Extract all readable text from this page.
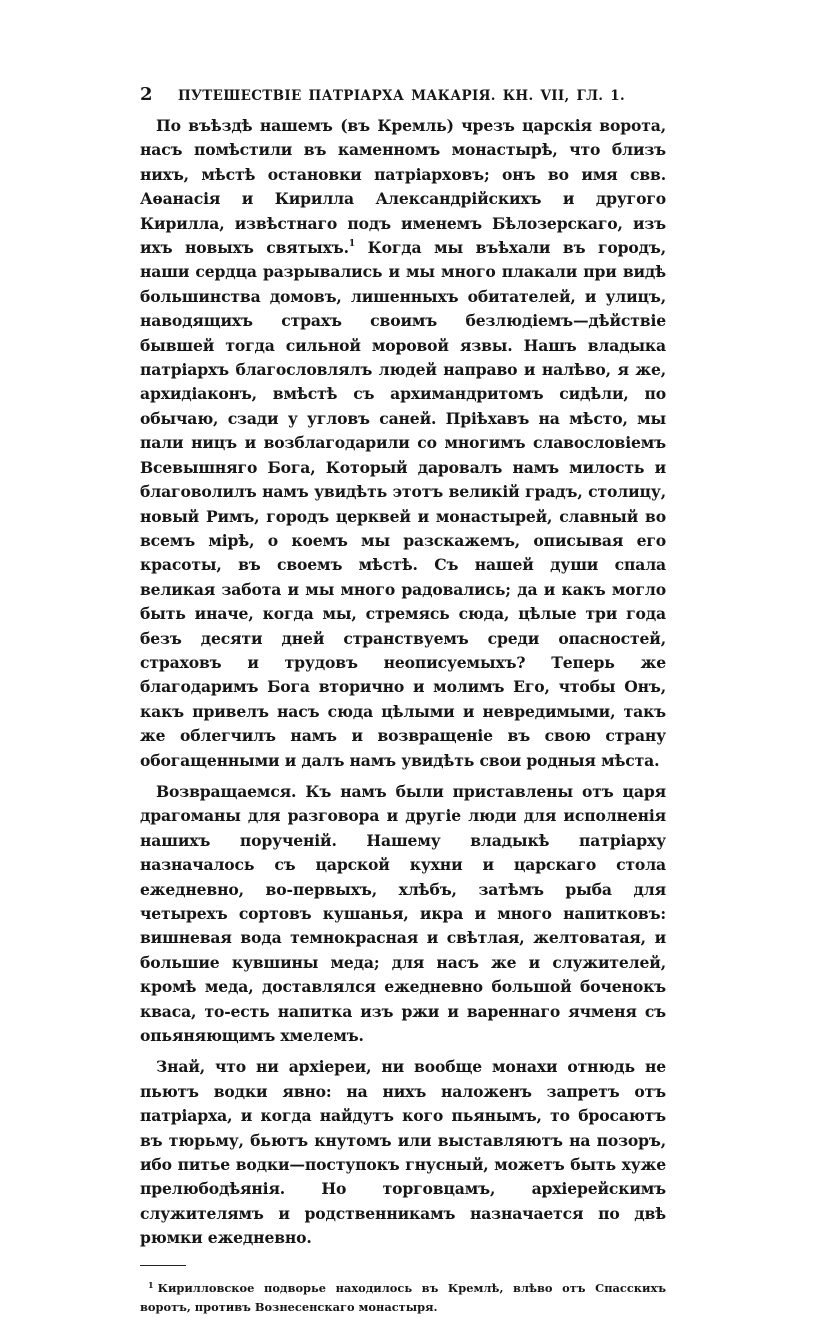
2	ПУТЕШЕСТВІЕ ПАТРІАРХА МАКАРІЯ. КН. VII, ГЛ. 1.

По въѣздѣ нашемъ (въ Кремль) чрезъ царскія ворота, насъ помѣстили въ каменномъ монастырѣ, что близъ нихъ, мѣстѣ остановки патріарховъ; онъ во имя свв. Аѳанасія и Кирилла Александрійскихъ и другого Кирилла, извѣстнаго подъ именемъ Бѣлозерскаго, изъ ихъ новыхъ святыхъ.$^1$ Когда мы въѣхали въ городъ, наши сердца разрывались и мы много плакали при видѣ большинства домовъ, лишенныхъ обитателей, и улицъ, наводящихъ страхъ своимъ безлюдіемъ—дѣйствіе бывшей тогда сильной моровой язвы. Нашъ владыка патріархъ благословлялъ людей направо и налѣво, я же, архидіаконъ, вмѣстѣ съ архимандритомъ сидѣли, по обычаю, сзади у угловъ саней. Пріѣхавъ на мѣсто, мы пали ницъ и возблагодарили со многимъ славословіемъ Всевышняго Бога, Который даровалъ намъ милость и благоволилъ намъ увидѣть этотъ великій градъ, столицу, новый Римъ, городъ церквей и монастырей, славный во всемъ мірѣ, о коемъ мы разскажемъ, описывая его красоты, въ своемъ мѣстѣ. Съ нашей души спала великая забота и мы много радовались; да и какъ могло быть иначе, когда мы, стремясь сюда, цѣлые три года безъ десяти дней странствуемъ среди опасностей, страховъ и трудовъ неописуемыхъ? Теперь же благодаримъ Бога вторично и молимъ Его, чтобы Онъ, какъ привелъ насъ сюда цѣлыми и невредимыми, такъ же облегчилъ намъ и возвращеніе въ свою страну обогащенными и далъ намъ увидѣть свои родныя мѣста.

Возвращаемся. Къ намъ были приставлены отъ царя драгоманы для разговора и другіе люди для исполненія нашихъ порученій. Нашему владыкѣ патріарху назначалось съ царской кухни и царскаго стола ежедневно, во-первыхъ, хлѣбъ, затѣмъ рыба для четырехъ сортовъ кушанья, икра и много напитковъ: вишневая вода темнокрасная и свѣтлая, желтоватая, и большие кувшины меда; для насъ же и служителей, кромѣ меда, доставлялся ежедневно большой боченокъ кваса, то-есть напитка изъ ржи и вареннаго ячменя съ опьяняющимъ хмелемъ.

Знай, что ни архіереи, ни вообще монахи отнюдь не пьютъ водки явно: на нихъ наложенъ запретъ отъ патріарха, и когда найдутъ кого пьянымъ, то бросаютъ въ тюрьму, бьютъ кнутомъ или выставляютъ на позоръ, ибо питье водки—поступокъ гнусный, можетъ быть хуже прелюбодѣянія. Но торговцамъ, архіерейскимъ служителямъ и родственникамъ назначается по двѣ рюмки ежедневно.

$^1$ Кирилловское подворье находилось въ Кремлѣ, влѣво отъ Спасскихъ воротъ, противъ Вознесенскаго монастыря.
